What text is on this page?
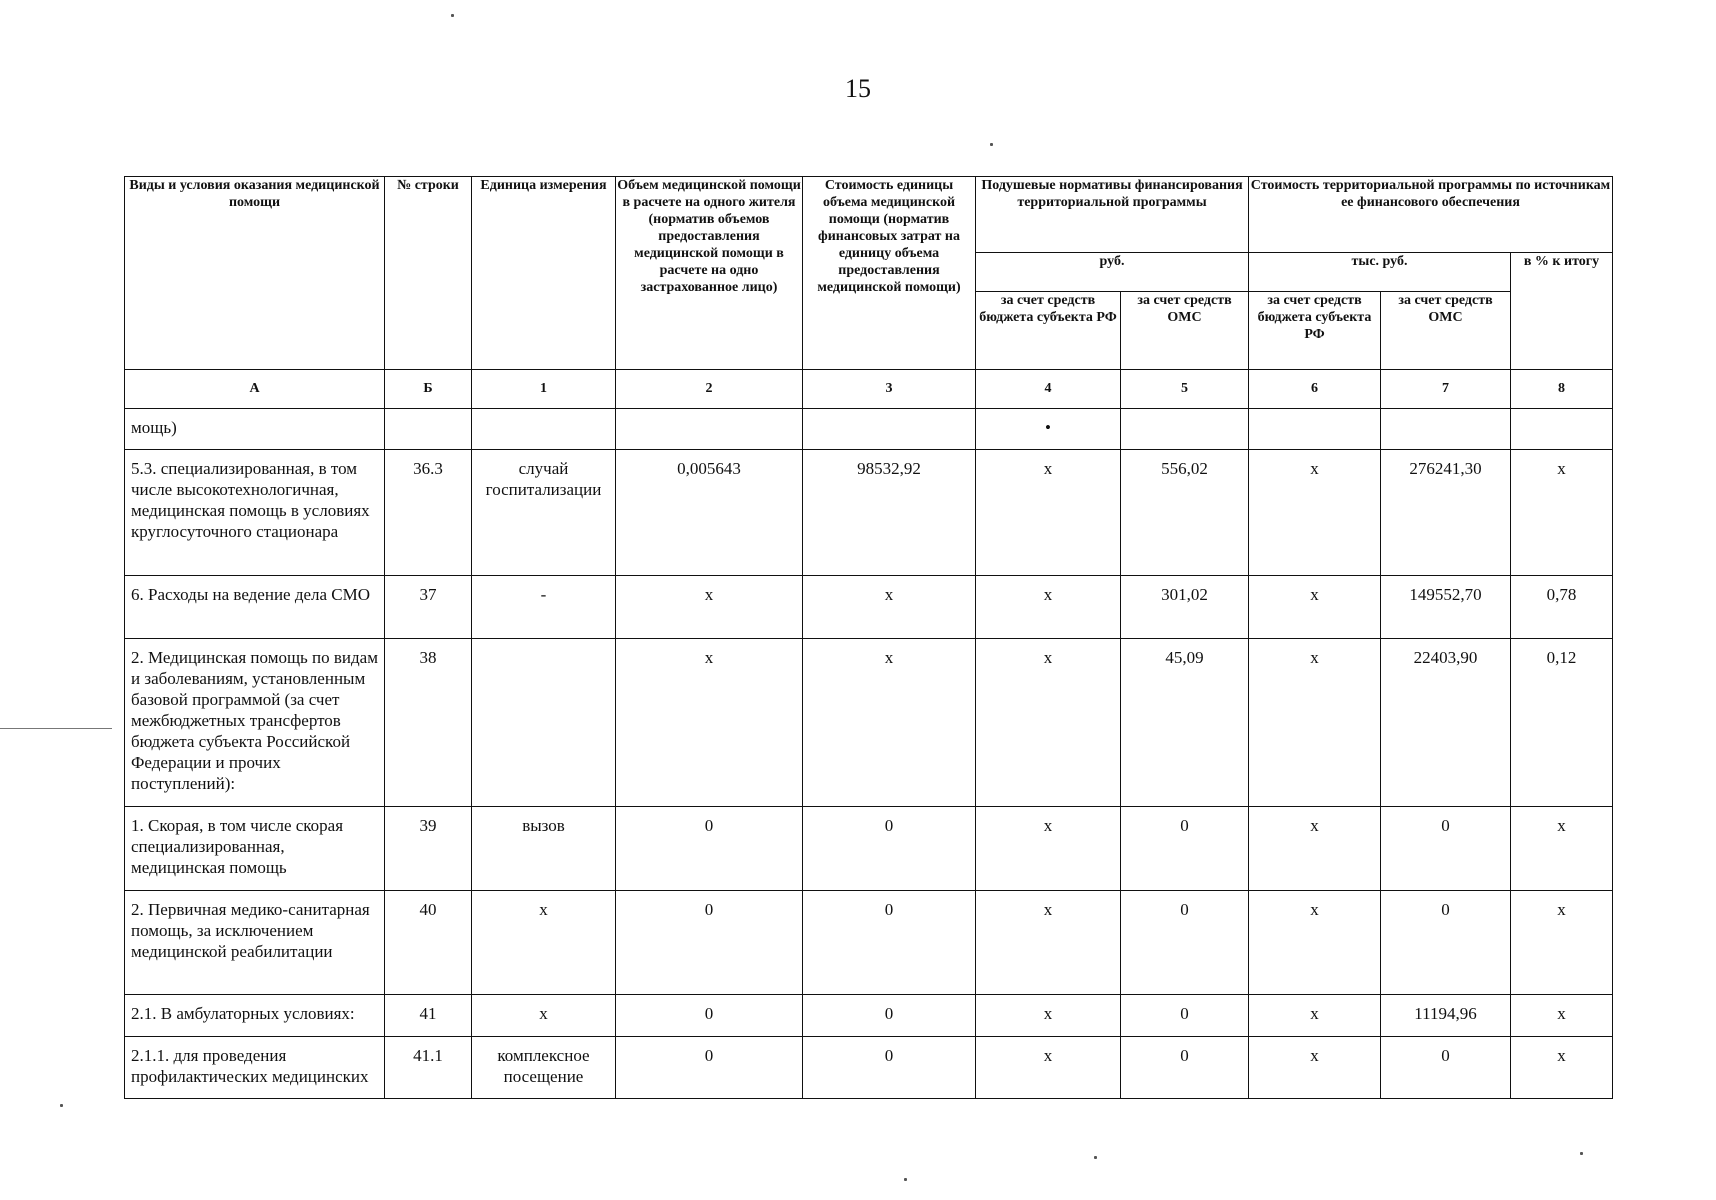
15
Виды и условия оказания медицинской помощи	№ строки	Единица измерения	Объем медицинской помощи в расчете на одного жителя (норматив объемов предоставления медицинской помощи в расчете на одно застрахованное лицо)	Стоимость единицы объема медицинской помощи (норматив финансовых затрат на единицу объема предоставления медицинской помощи)	Подушевые нормативы финансирования территориальной программы		Стоимость территориальной программы по источникам ее финансового обеспечения		
					руб.		тыс. руб.		в % к итогу
					за счет средств бюджета субъекта РФ	за счет средств ОМС	за счет средств бюджета субъекта РФ	за счет средств ОМС	
А	Б	1	2	3	4	5	6	7	8
мощь)					•				
5.3. специализированная, в том числе высокотехнологичная, медицинская помощь в условиях круглосуточного стационара	36.3	случай госпитализации	0,005643	98532,92	х	556,02	х	276241,30	х
6. Расходы на ведение дела СМО	37	-	х	х	х	301,02	х	149552,70	0,78
2. Медицинская помощь по видам и заболеваниям, установленным базовой программой (за счет межбюджетных трансфертов бюджета субъекта Российской Федерации и прочих поступлений):	38		х	х	х	45,09	х	22403,90	0,12
1. Скорая, в том числе скорая специализированная, медицинская помощь	39	вызов	0	0	х	0	х	0	х
2. Первичная медико-санитарная помощь, за исключением медицинской реабилитации	40	х	0	0	х	0	х	0	х
2.1. В амбулаторных условиях:	41	х	0	0	х	0	х	11194,96	х
2.1.1. для проведения профилактических медицинских	41.1	комплексное посещение	0	0	х	0	х	0	х
